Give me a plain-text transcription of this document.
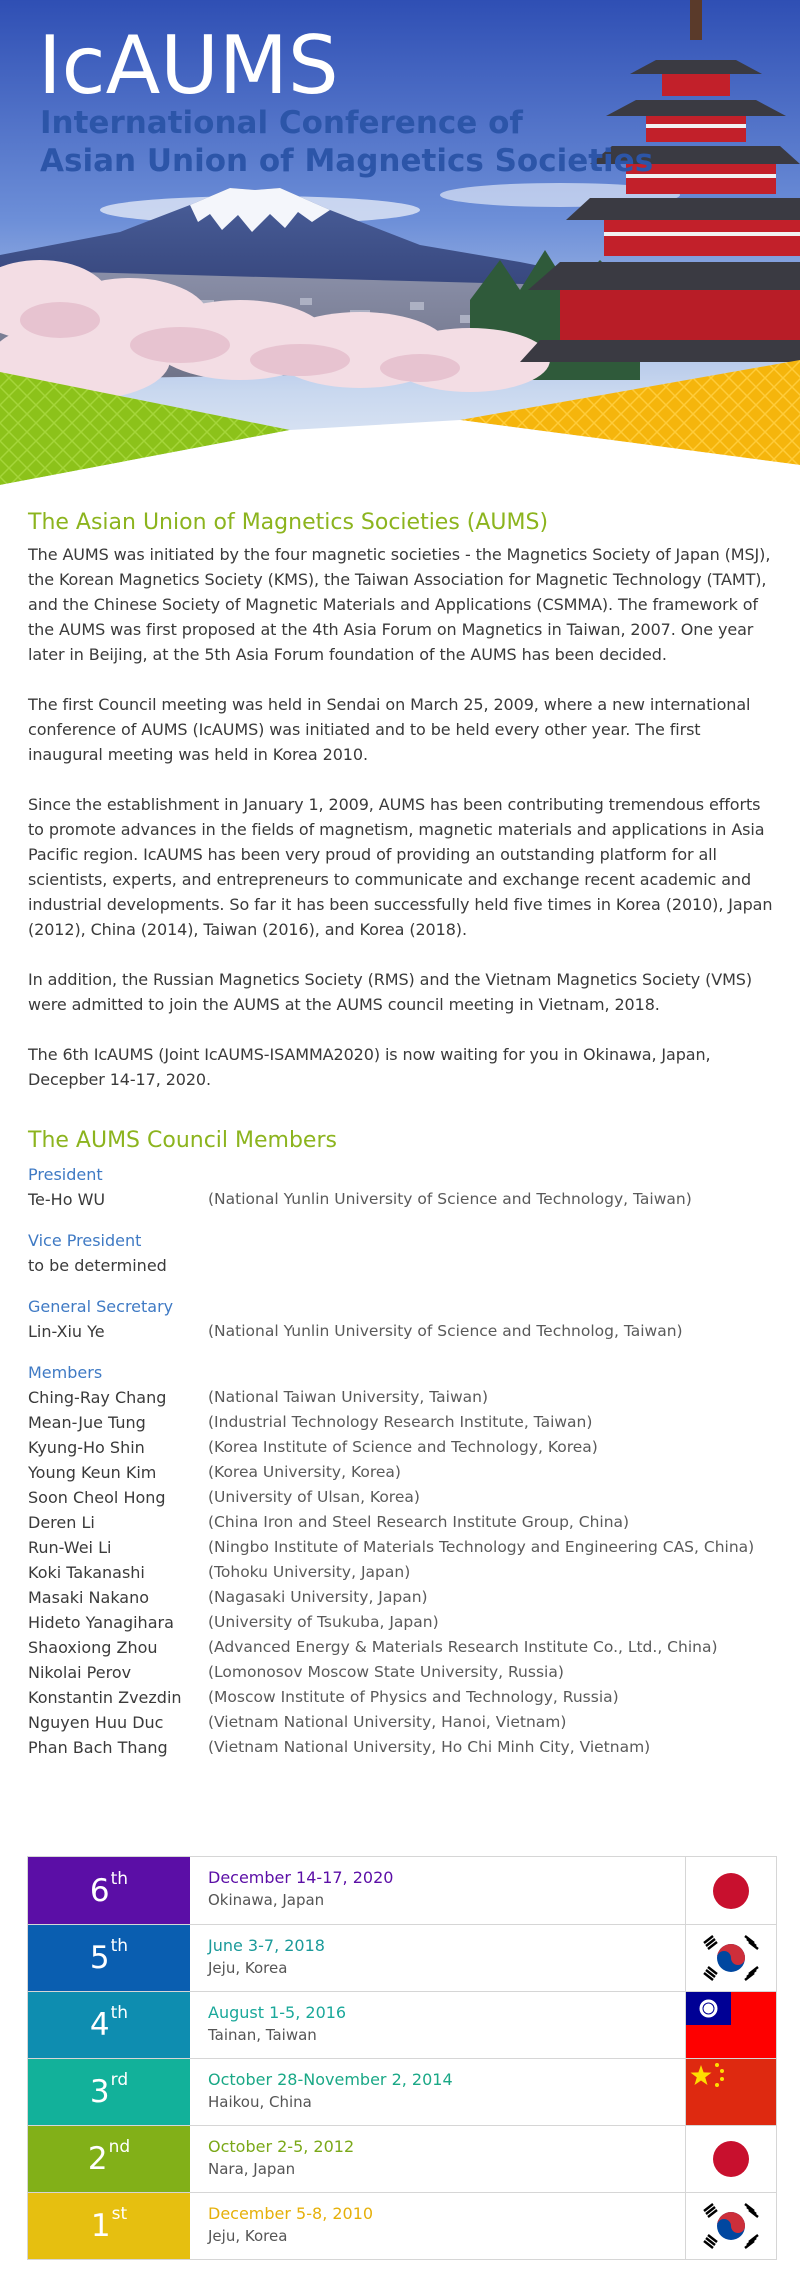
IcAUMS
International Conference of
Asian Union of Magnetics Societies
The Asian Union of Magnetics Societies (AUMS)

The AUMS was initiated by the four magnetic societies - the Magnetics Society of Japan (MSJ), the Korean Magnetics Society (KMS), the Taiwan Association for Magnetic Technology (TAMT), and the Chinese Society of Magnetic Materials and Applications (CSMMA). The framework of the AUMS was first proposed at the 4th Asia Forum on Magnetics in Taiwan, 2007. One year later in Beijing, at the 5th Asia Forum foundation of the AUMS has been decided.

The first Council meeting was held in Sendai on March 25, 2009, where a new international conference of AUMS (IcAUMS) was initiated and to be held every other year. The first inaugural meeting was held in Korea 2010.

Since the establishment in January 1, 2009, AUMS has been contributing tremendous efforts to promote advances in the fields of magnetism, magnetic materials and applications in Asia Pacific region. IcAUMS has been very proud of providing an outstanding platform for all scientists, experts, and entrepreneurs to communicate and exchange recent academic and industrial developments. So far it has been successfully held five times in Korea (2010), Japan (2012), China (2014), Taiwan (2016), and Korea (2018).

In addition, the Russian Magnetics Society (RMS) and the Vietnam Magnetics Society (VMS) were admitted to join the AUMS at the AUMS council meeting in Vietnam, 2018.

The 6th IcAUMS (Joint IcAUMS-ISAMMA2020) is now waiting for you in Okinawa, Japan, Decepber 14-17, 2020.

The AUMS Council Members
President
Te-Ho WU	(National Yunlin University of Science and Technology, Taiwan)
Vice President
to be determined
General Secretary
Lin-Xiu Ye	(National Yunlin University of Science and Technolog, Taiwan)
Members
Ching-Ray Chang	(National Taiwan University, Taiwan)
Mean-Jue Tung	(Industrial Technology Research Institute, Taiwan)
Kyung-Ho Shin	(Korea Institute of Science and Technology, Korea)
Young Keun Kim	(Korea University, Korea)
Soon Cheol Hong	(University of Ulsan, Korea)
Deren Li	(China Iron and Steel Research Institute Group, China)
Run-Wei Li	(Ningbo Institute of Materials Technology and Engineering CAS, China)
Koki Takanashi	(Tohoku University, Japan)
Masaki Nakano	(Nagasaki University, Japan)
Hideto Yanagihara	(University of Tsukuba, Japan)
Shaoxiong Zhou	(Advanced Energy & Materials Research Institute Co., Ltd., China)
Nikolai Perov	(Lomonosov Moscow State University, Russia)
Konstantin Zvezdin	(Moscow Institute of Physics and Technology, Russia)
Nguyen Huu Duc	(Vietnam National University, Hanoi, Vietnam)
Phan Bach Thang	(Vietnam National University, Ho Chi Minh City, Vietnam)
6th	December 14-17, 2020
Okinawa, Japan
5th	June 3-7, 2018
Jeju, Korea
4th	August 1-5, 2016
Tainan, Taiwan
3rd	October 28-November 2, 2014
Haikou, China
2nd	October 2-5, 2012
Nara, Japan
1st	December 5-8, 2010
Jeju, Korea
